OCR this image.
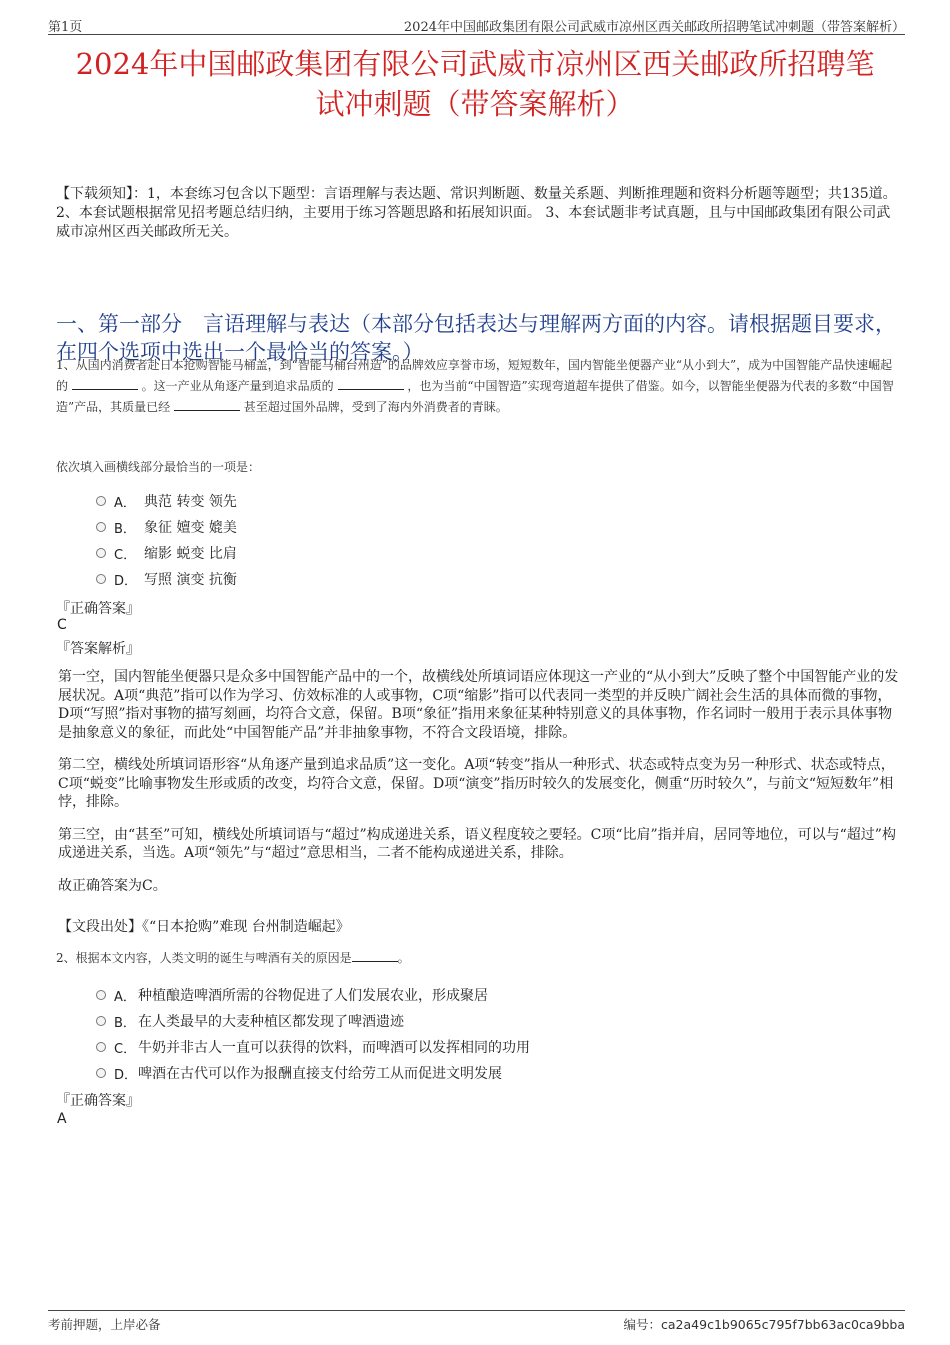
第1页	2024年中国邮政集团有限公司武威市凉州区西关邮政所招聘笔试冲刺题（带答案解析）
2024年中国邮政集团有限公司武威市凉州区西关邮政所招聘笔
试冲刺题（带答案解析）
【下载须知】：1，本套练习包含以下题型：言语理解与表达题、常识判断题、数量关系题、判断推理题和资料分析题等题型；共135道。 2、本套试题根据常见招考题总结归纳，主要用于练习答题思路和拓展知识面。 3、本套试题非考试真题，且与中国邮政集团有限公司武威市凉州区西关邮政所无关。
一、第一部分　言语理解与表达（本部分包括表达与理解两方面的内容。请根据题目要求，在四个选项中选出一个最恰当的答案。）
1、从国内消费者赴日本抢购智能马桶盖，到“智能马桶台州造”的品牌效应享誉市场，短短数年，国内智能坐便器产业“从小到大”，成为中国智能产品快速崛起的	。这一产业从角逐产量到追求品质的	，也为当前“中国智造”实现弯道超车提供了借鉴。如今，以智能坐便器为代表的多数“中国智造”产品，其质量已经	甚至超过国外品牌，受到了海内外消费者的青睐。
依次填入画横线部分最恰当的一项是：
A． 典范 转变 领先
B． 象征 嬗变 媲美
C． 缩影 蜕变 比肩
D． 写照 演变 抗衡
『正确答案』
C
『答案解析』

第一空，国内智能坐便器只是众多中国智能产品中的一个，故横线处所填词语应体现这一产业的“从小到大”反映了整个中国智能产业的发展状况。A项“典范”指可以作为学习、仿效标准的人或事物，C项“缩影”指可以代表同一类型的并反映广阔社会生活的具体而微的事物，D项“写照”指对事物的描写刻画，均符合文意，保留。B项“象征”指用来象征某种特别意义的具体事物，作名词时一般用于表示具体事物是抽象意义的象征，而此处“中国智能产品”并非抽象事物，不符合文段语境，排除。

第二空，横线处所填词语形容“从角逐产量到追求品质”这一变化。A项“转变”指从一种形式、状态或特点变为另一种形式、状态或特点，C项“蜕变”比喻事物发生形或质的改变，均符合文意，保留。D项“演变”指历时较久的发展变化，侧重“历时较久”，与前文“短短数年”相悖，排除。

第三空，由“甚至”可知，横线处所填词语与“超过”构成递进关系，语义程度较之要轻。C项“比肩”指并肩，居同等地位，可以与“超过”构成递进关系，当选。A项“领先”与“超过”意思相当，二者不能构成递进关系，排除。

故正确答案为C。

【文段出处】《“日本抢购”难现 台州制造崛起》
2、根据本文内容，人类文明的诞生与啤酒有关的原因是	。
A． 种植酿造啤酒所需的谷物促进了人们发展农业，形成聚居
B． 在人类最早的大麦种植区都发现了啤酒遗迹
C． 牛奶并非古人一直可以获得的饮料，而啤酒可以发挥相同的功用
D． 啤酒在古代可以作为报酬直接支付给劳工从而促进文明发展
『正确答案』
A
考前押题，上岸必备	编号：ca2a49c1b9065c795f7bb63ac0ca9bba
